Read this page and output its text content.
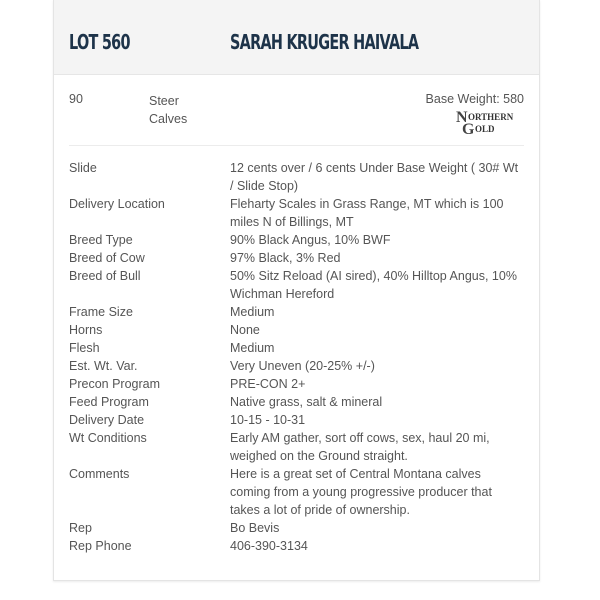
LOT 560	SARAH KRUGER HAIVALA
90	Steer Calves
Base Weight: 580
N ORTHERN
G OLD
Slide	12 cents over / 6 cents Under Base Weight ( 30# Wt / Slide Stop)
Delivery Location	Fleharty Scales in Grass Range, MT which is 100 miles N of Billings, MT
Breed Type	90% Black Angus, 10% BWF
Breed of Cow	97% Black, 3% Red
Breed of Bull	50% Sitz Reload (AI sired), 40% Hilltop Angus, 10% Wichman Hereford
Frame Size	Medium
Horns	None
Flesh	Medium
Est. Wt. Var.	Very Uneven (20-25% +/-)
Precon Program	PRE-CON 2+
Feed Program	Native grass, salt & mineral
Delivery Date	10-15 - 10-31
Wt Conditions	Early AM gather, sort off cows, sex, haul 20 mi, weighed on the Ground straight.
Comments	Here is a great set of Central Montana calves coming from a young progressive producer that takes a lot of pride of ownership.
Rep	Bo Bevis
Rep Phone	406-390-3134
